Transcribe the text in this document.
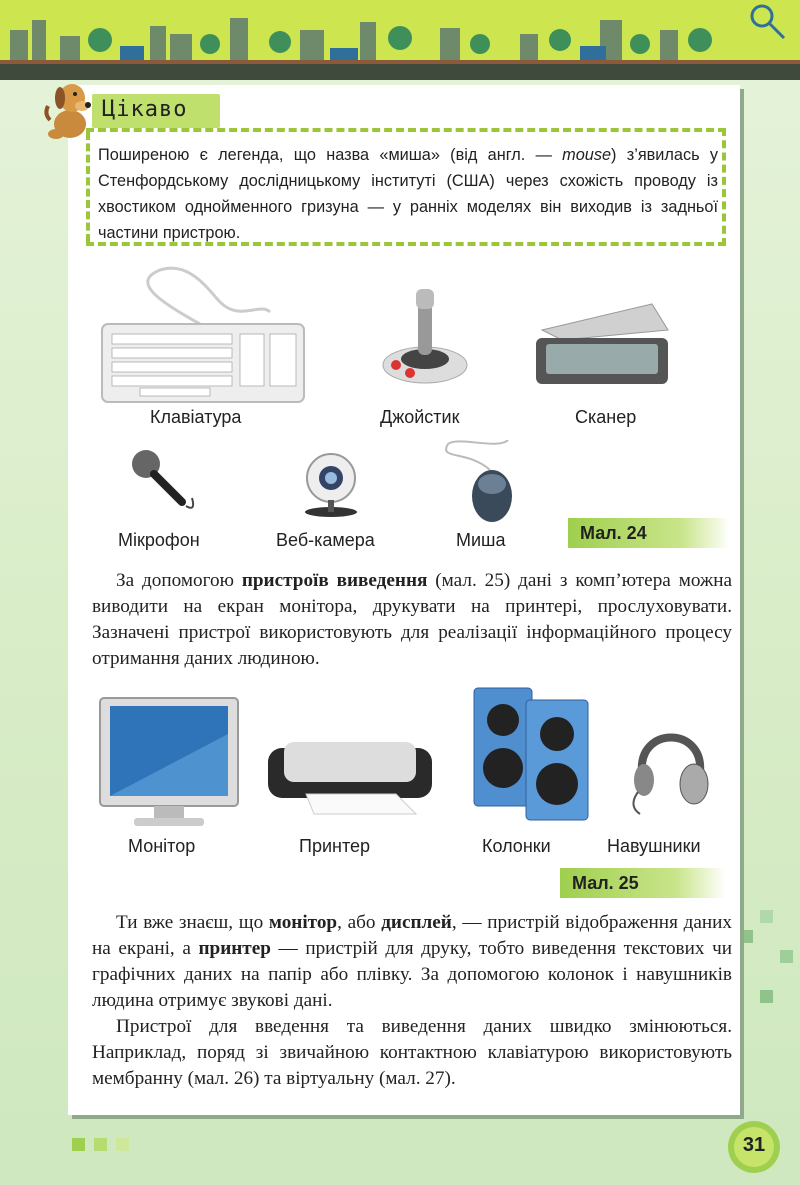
Цікаво
Поширеною є легенда, що назва «миша» (від англ. — mouse) з’явилась у Стенфордському дослідницькому інституті (США) через схожість проводу із хвостиком однойменного гризуна — у ранніх моделях він виходив із задньої частини пристрою.
Клавіатура	Джойстик	Сканер
Мікрофон	Веб-камера	Миша	Мал. 24

За допомогою пристроїв виведення (мал. 25) дані з комп’ютера можна виводити на екран монітора, друкувати на принтері, прослуховувати. Зазначені пристрої використовують для реалізації інформаційного процесу отримання даних людиною.

Монітор	Принтер	Колонки	Навушники
Мал. 25

Ти вже знаєш, що монітор, або дисплей, — пристрій відображення даних на екрані, а принтер — пристрій для друку, тобто виведення текстових чи графічних даних на папір або плівку. За допомогою колонок і навушників людина отримує звукові дані.

Пристрої для введення та виведення даних швидко змінюються. Наприклад, поряд зі звичайною контактною клавіатурою використовують мембранну (мал. 26) та віртуальну (мал. 27).

31
